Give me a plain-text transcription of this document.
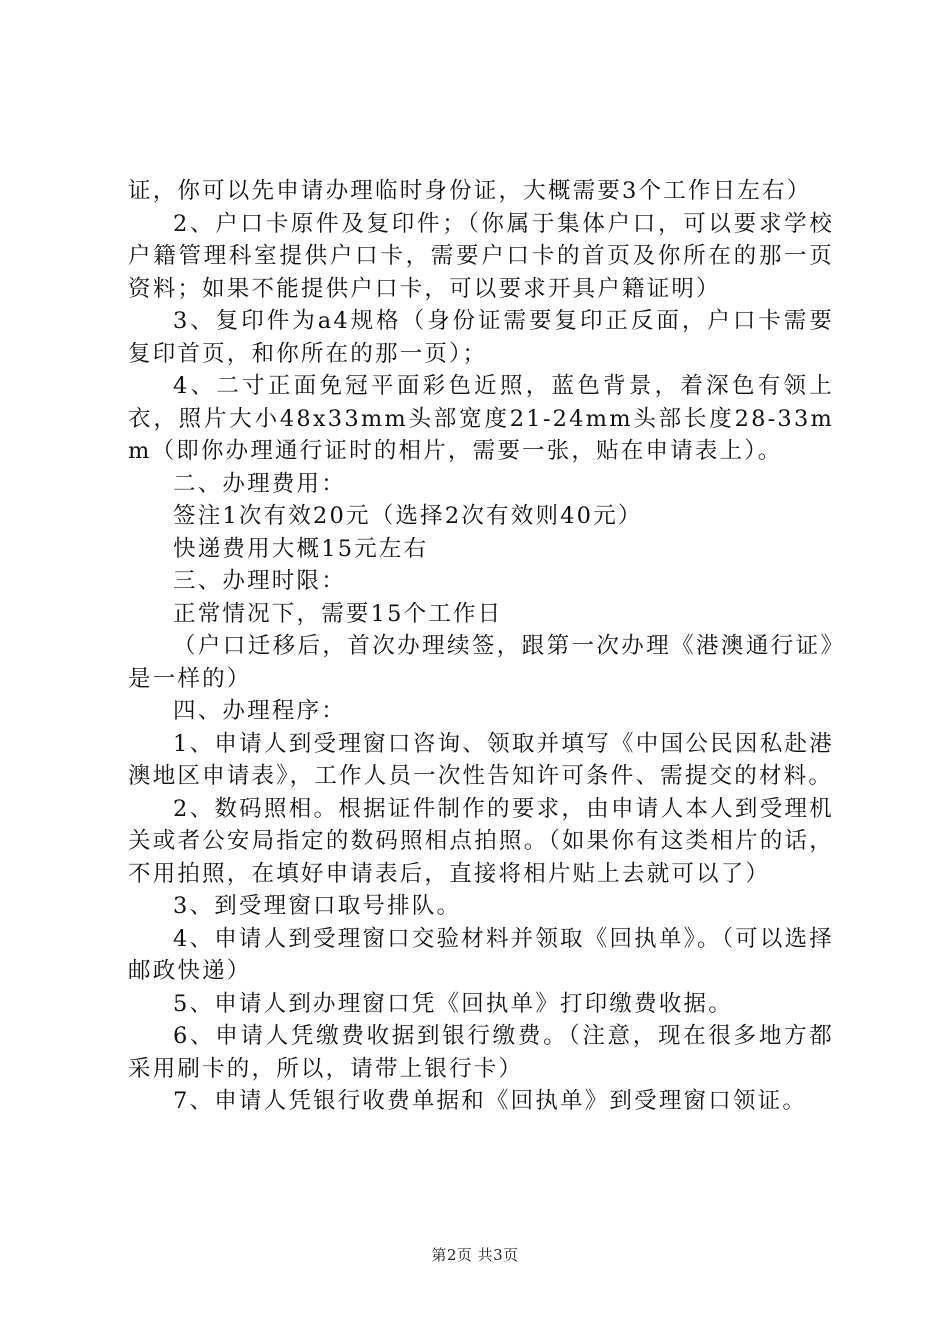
证，你可以先申请办理临时身份证，大概需要3个工作日左右）

2、户口卡原件及复印件；（你属于集体户口，可以要求学校户籍管理科室提供户口卡，需要户口卡的首页及你所在的那一页资料；如果不能提供户口卡，可以要求开具户籍证明）

3、复印件为a4规格（身份证需要复印正反面，户口卡需要复印首页，和你所在的那一页）；

4、二寸正面免冠平面彩色近照，蓝色背景，着深色有领上衣，照片大小48x33mm头部宽度21-24mm头部长度28-33mm（即你办理通行证时的相片，需要一张，贴在申请表上）。

二、办理费用：

签注1次有效20元（选择2次有效则40元）

快递费用大概15元左右

三、办理时限：

正常情况下，需要15个工作日

（户口迁移后，首次办理续签，跟第一次办理《港澳通行证》是一样的）

四、办理程序：

1、申请人到受理窗口咨询、领取并填写《中国公民因私赴港澳地区申请表》，工作人员一次性告知许可条件、需提交的材料。

2、数码照相。根据证件制作的要求，由申请人本人到受理机关或者公安局指定的数码照相点拍照。（如果你有这类相片的话，不用拍照，在填好申请表后，直接将相片贴上去就可以了）

3、到受理窗口取号排队。

4、申请人到受理窗口交验材料并领取《回执单》。（可以选择邮政快递）

5、申请人到办理窗口凭《回执单》打印缴费收据。

6、申请人凭缴费收据到银行缴费。（注意，现在很多地方都采用刷卡的，所以，请带上银行卡）

7、申请人凭银行收费单据和《回执单》到受理窗口领证。

第2页 共3页
